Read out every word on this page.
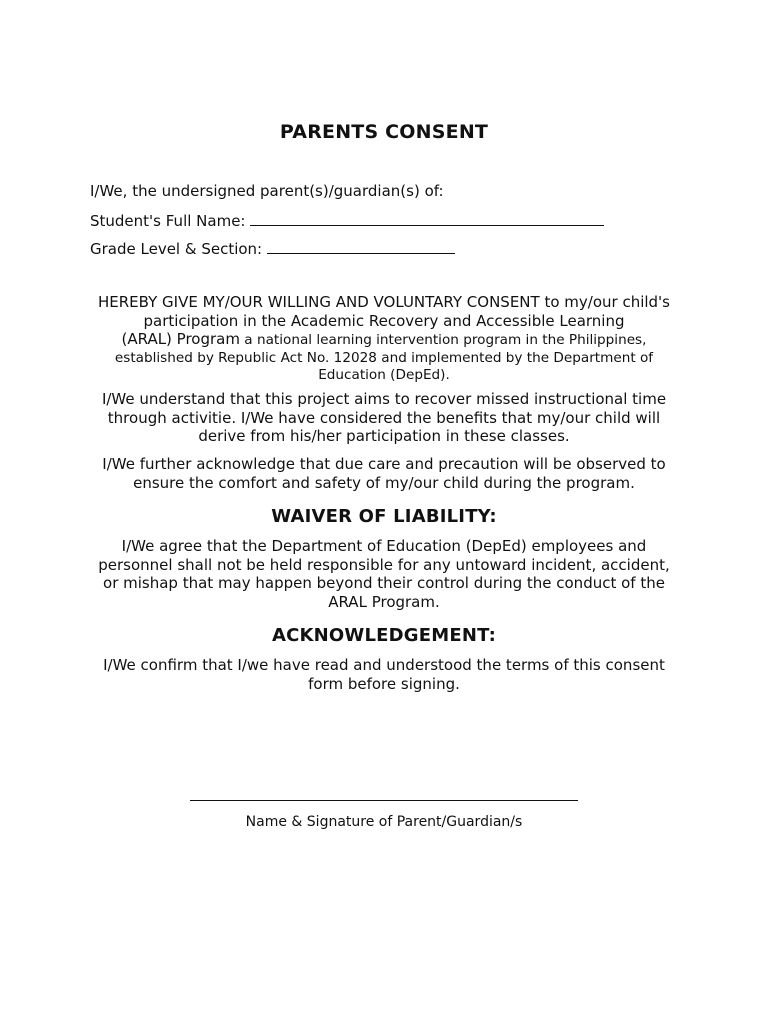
PARENTS CONSENT
I/We, the undersigned parent(s)/guardian(s) of:
Student's Full Name:
Grade Level & Section:
HEREBY GIVE MY/OUR WILLING AND VOLUNTARY CONSENT to my/our child's
participation in the Academic Recovery and Accessible Learning
(ARAL) Program a national learning intervention program in the Philippines,
established by Republic Act No. 12028 and implemented by the Department of
Education (DepEd).
I/We understand that this project aims to recover missed instructional time through activitie. I/We have considered the benefits that my/our child will derive from his/her participation in these classes.
I/We further acknowledge that due care and precaution will be observed to ensure the comfort and safety of my/our child during the program.
WAIVER OF LIABILITY:
I/We agree that the Department of Education (DepEd) employees and personnel shall not be held responsible for any untoward incident, accident, or mishap that may happen beyond their control during the conduct of the ARAL Program.
ACKNOWLEDGEMENT:
I/We confirm that I/we have read and understood the terms of this consent form before signing.
Name & Signature of Parent/Guardian/s
